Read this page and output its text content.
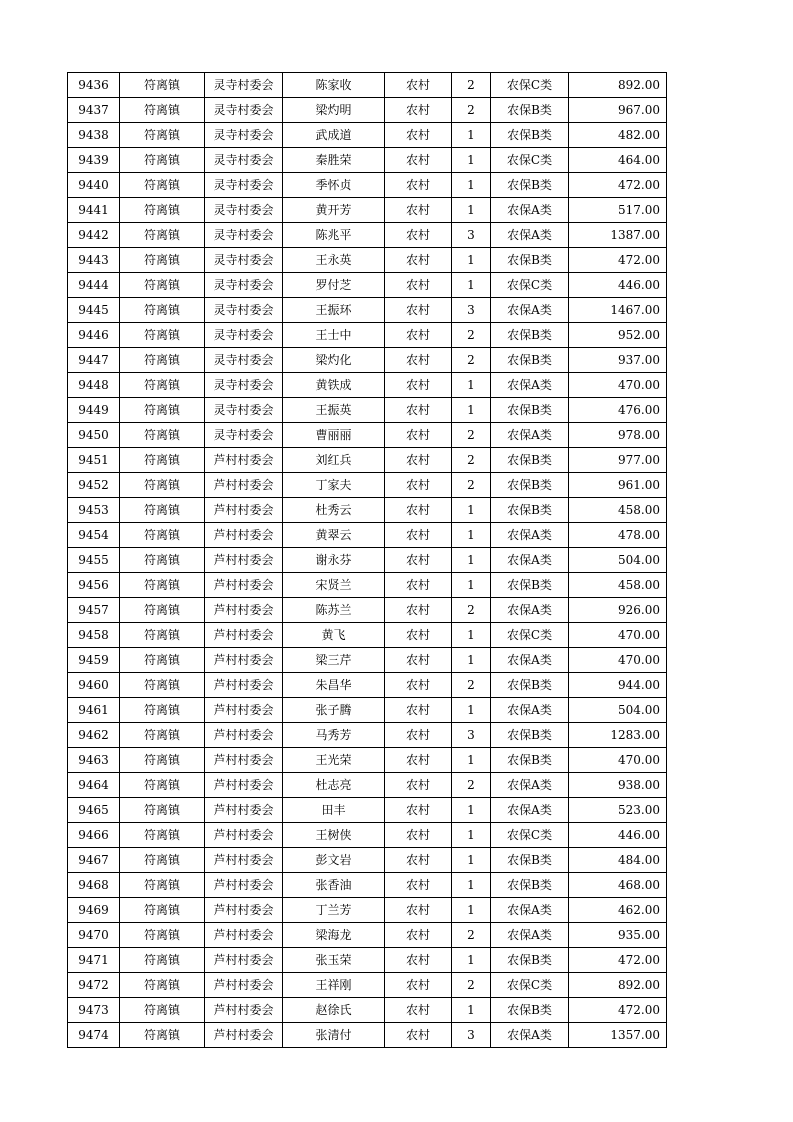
9436	符离镇	灵寺村委会	陈家收	农村	2	农保C类	892.00
9437	符离镇	灵寺村委会	梁灼明	农村	2	农保B类	967.00
9438	符离镇	灵寺村委会	武成道	农村	1	农保B类	482.00
9439	符离镇	灵寺村委会	秦胜荣	农村	1	农保C类	464.00
9440	符离镇	灵寺村委会	季怀贞	农村	1	农保B类	472.00
9441	符离镇	灵寺村委会	黄开芳	农村	1	农保A类	517.00
9442	符离镇	灵寺村委会	陈兆平	农村	3	农保A类	1387.00
9443	符离镇	灵寺村委会	王永英	农村	1	农保B类	472.00
9444	符离镇	灵寺村委会	罗付芝	农村	1	农保C类	446.00
9445	符离镇	灵寺村委会	王振环	农村	3	农保A类	1467.00
9446	符离镇	灵寺村委会	王士中	农村	2	农保B类	952.00
9447	符离镇	灵寺村委会	梁灼化	农村	2	农保B类	937.00
9448	符离镇	灵寺村委会	黄铁成	农村	1	农保A类	470.00
9449	符离镇	灵寺村委会	王振英	农村	1	农保B类	476.00
9450	符离镇	灵寺村委会	曹丽丽	农村	2	农保A类	978.00
9451	符离镇	芦村村委会	刘红兵	农村	2	农保B类	977.00
9452	符离镇	芦村村委会	丁家夫	农村	2	农保B类	961.00
9453	符离镇	芦村村委会	杜秀云	农村	1	农保B类	458.00
9454	符离镇	芦村村委会	黄翠云	农村	1	农保A类	478.00
9455	符离镇	芦村村委会	谢永芬	农村	1	农保A类	504.00
9456	符离镇	芦村村委会	宋贤兰	农村	1	农保B类	458.00
9457	符离镇	芦村村委会	陈苏兰	农村	2	农保A类	926.00
9458	符离镇	芦村村委会	黄飞	农村	1	农保C类	470.00
9459	符离镇	芦村村委会	梁三芹	农村	1	农保A类	470.00
9460	符离镇	芦村村委会	朱昌华	农村	2	农保B类	944.00
9461	符离镇	芦村村委会	张子腾	农村	1	农保A类	504.00
9462	符离镇	芦村村委会	马秀芳	农村	3	农保B类	1283.00
9463	符离镇	芦村村委会	王光荣	农村	1	农保B类	470.00
9464	符离镇	芦村村委会	杜志亮	农村	2	农保A类	938.00
9465	符离镇	芦村村委会	田丰	农村	1	农保A类	523.00
9466	符离镇	芦村村委会	王树侠	农村	1	农保C类	446.00
9467	符离镇	芦村村委会	彭文岩	农村	1	农保B类	484.00
9468	符离镇	芦村村委会	张香油	农村	1	农保B类	468.00
9469	符离镇	芦村村委会	丁兰芳	农村	1	农保A类	462.00
9470	符离镇	芦村村委会	梁海龙	农村	2	农保A类	935.00
9471	符离镇	芦村村委会	张玉荣	农村	1	农保B类	472.00
9472	符离镇	芦村村委会	王祥刚	农村	2	农保C类	892.00
9473	符离镇	芦村村委会	赵徐氏	农村	1	农保B类	472.00
9474	符离镇	芦村村委会	张清付	农村	3	农保A类	1357.00
